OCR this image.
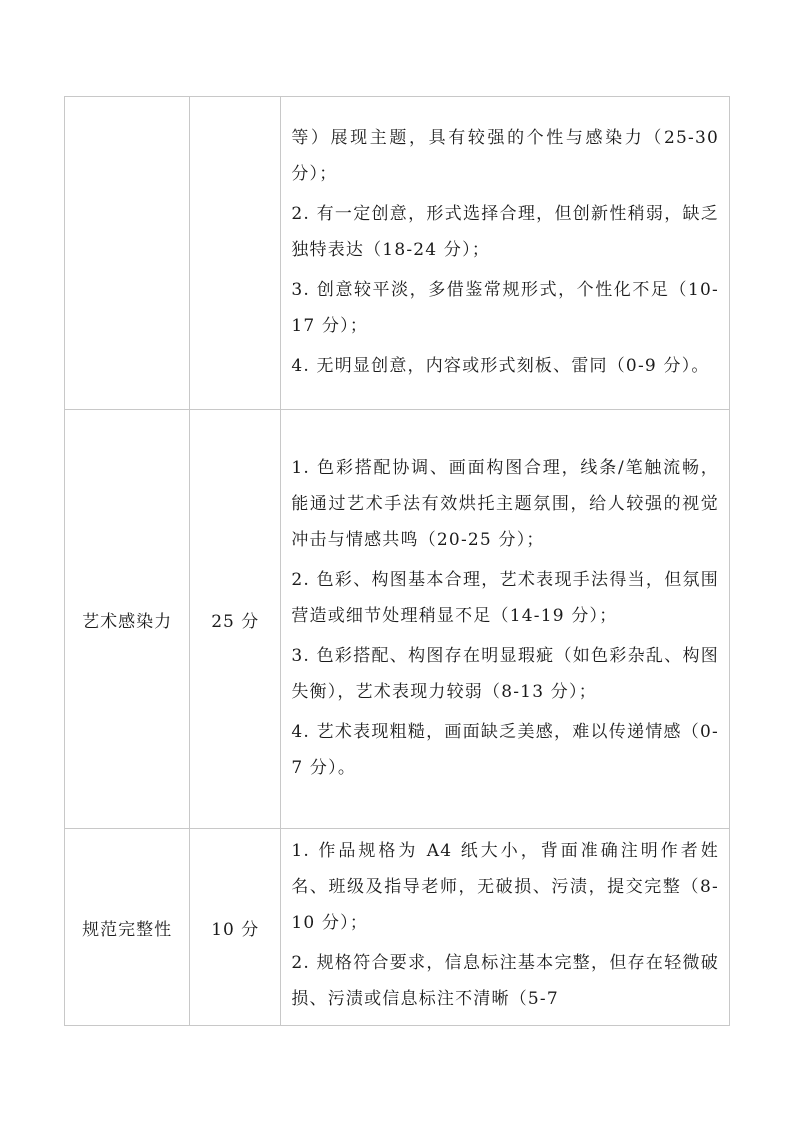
		等）展现主题，具有较强的个性与感染力（25-30 分）；

2. 有一定创意，形式选择合理，但创新性稍弱，缺乏独特表达（18-24 分）；

3. 创意较平淡，多借鉴常规形式，个性化不足（10-17 分）；

4. 无明显创意，内容或形式刻板、雷同（0-9 分）。

艺术感染力	25 分	1. 色彩搭配协调、画面构图合理，线条/笔触流畅，能通过艺术手法有效烘托主题氛围，给人较强的视觉冲击与情感共鸣（20-25 分）；

2. 色彩、构图基本合理，艺术表现手法得当，但氛围营造或细节处理稍显不足（14-19 分）；

3. 色彩搭配、构图存在明显瑕疵（如色彩杂乱、构图失衡），艺术表现力较弱（8-13 分）；

4. 艺术表现粗糙，画面缺乏美感，难以传递情感（0-7 分）。

规范完整性	10 分	1. 作品规格为 A4 纸大小，背面准确注明作者姓名、班级及指导老师，无破损、污渍，提交完整（8-10 分）；

2. 规格符合要求，信息标注基本完整，但存在轻微破损、污渍或信息标注不清晰（5-7
